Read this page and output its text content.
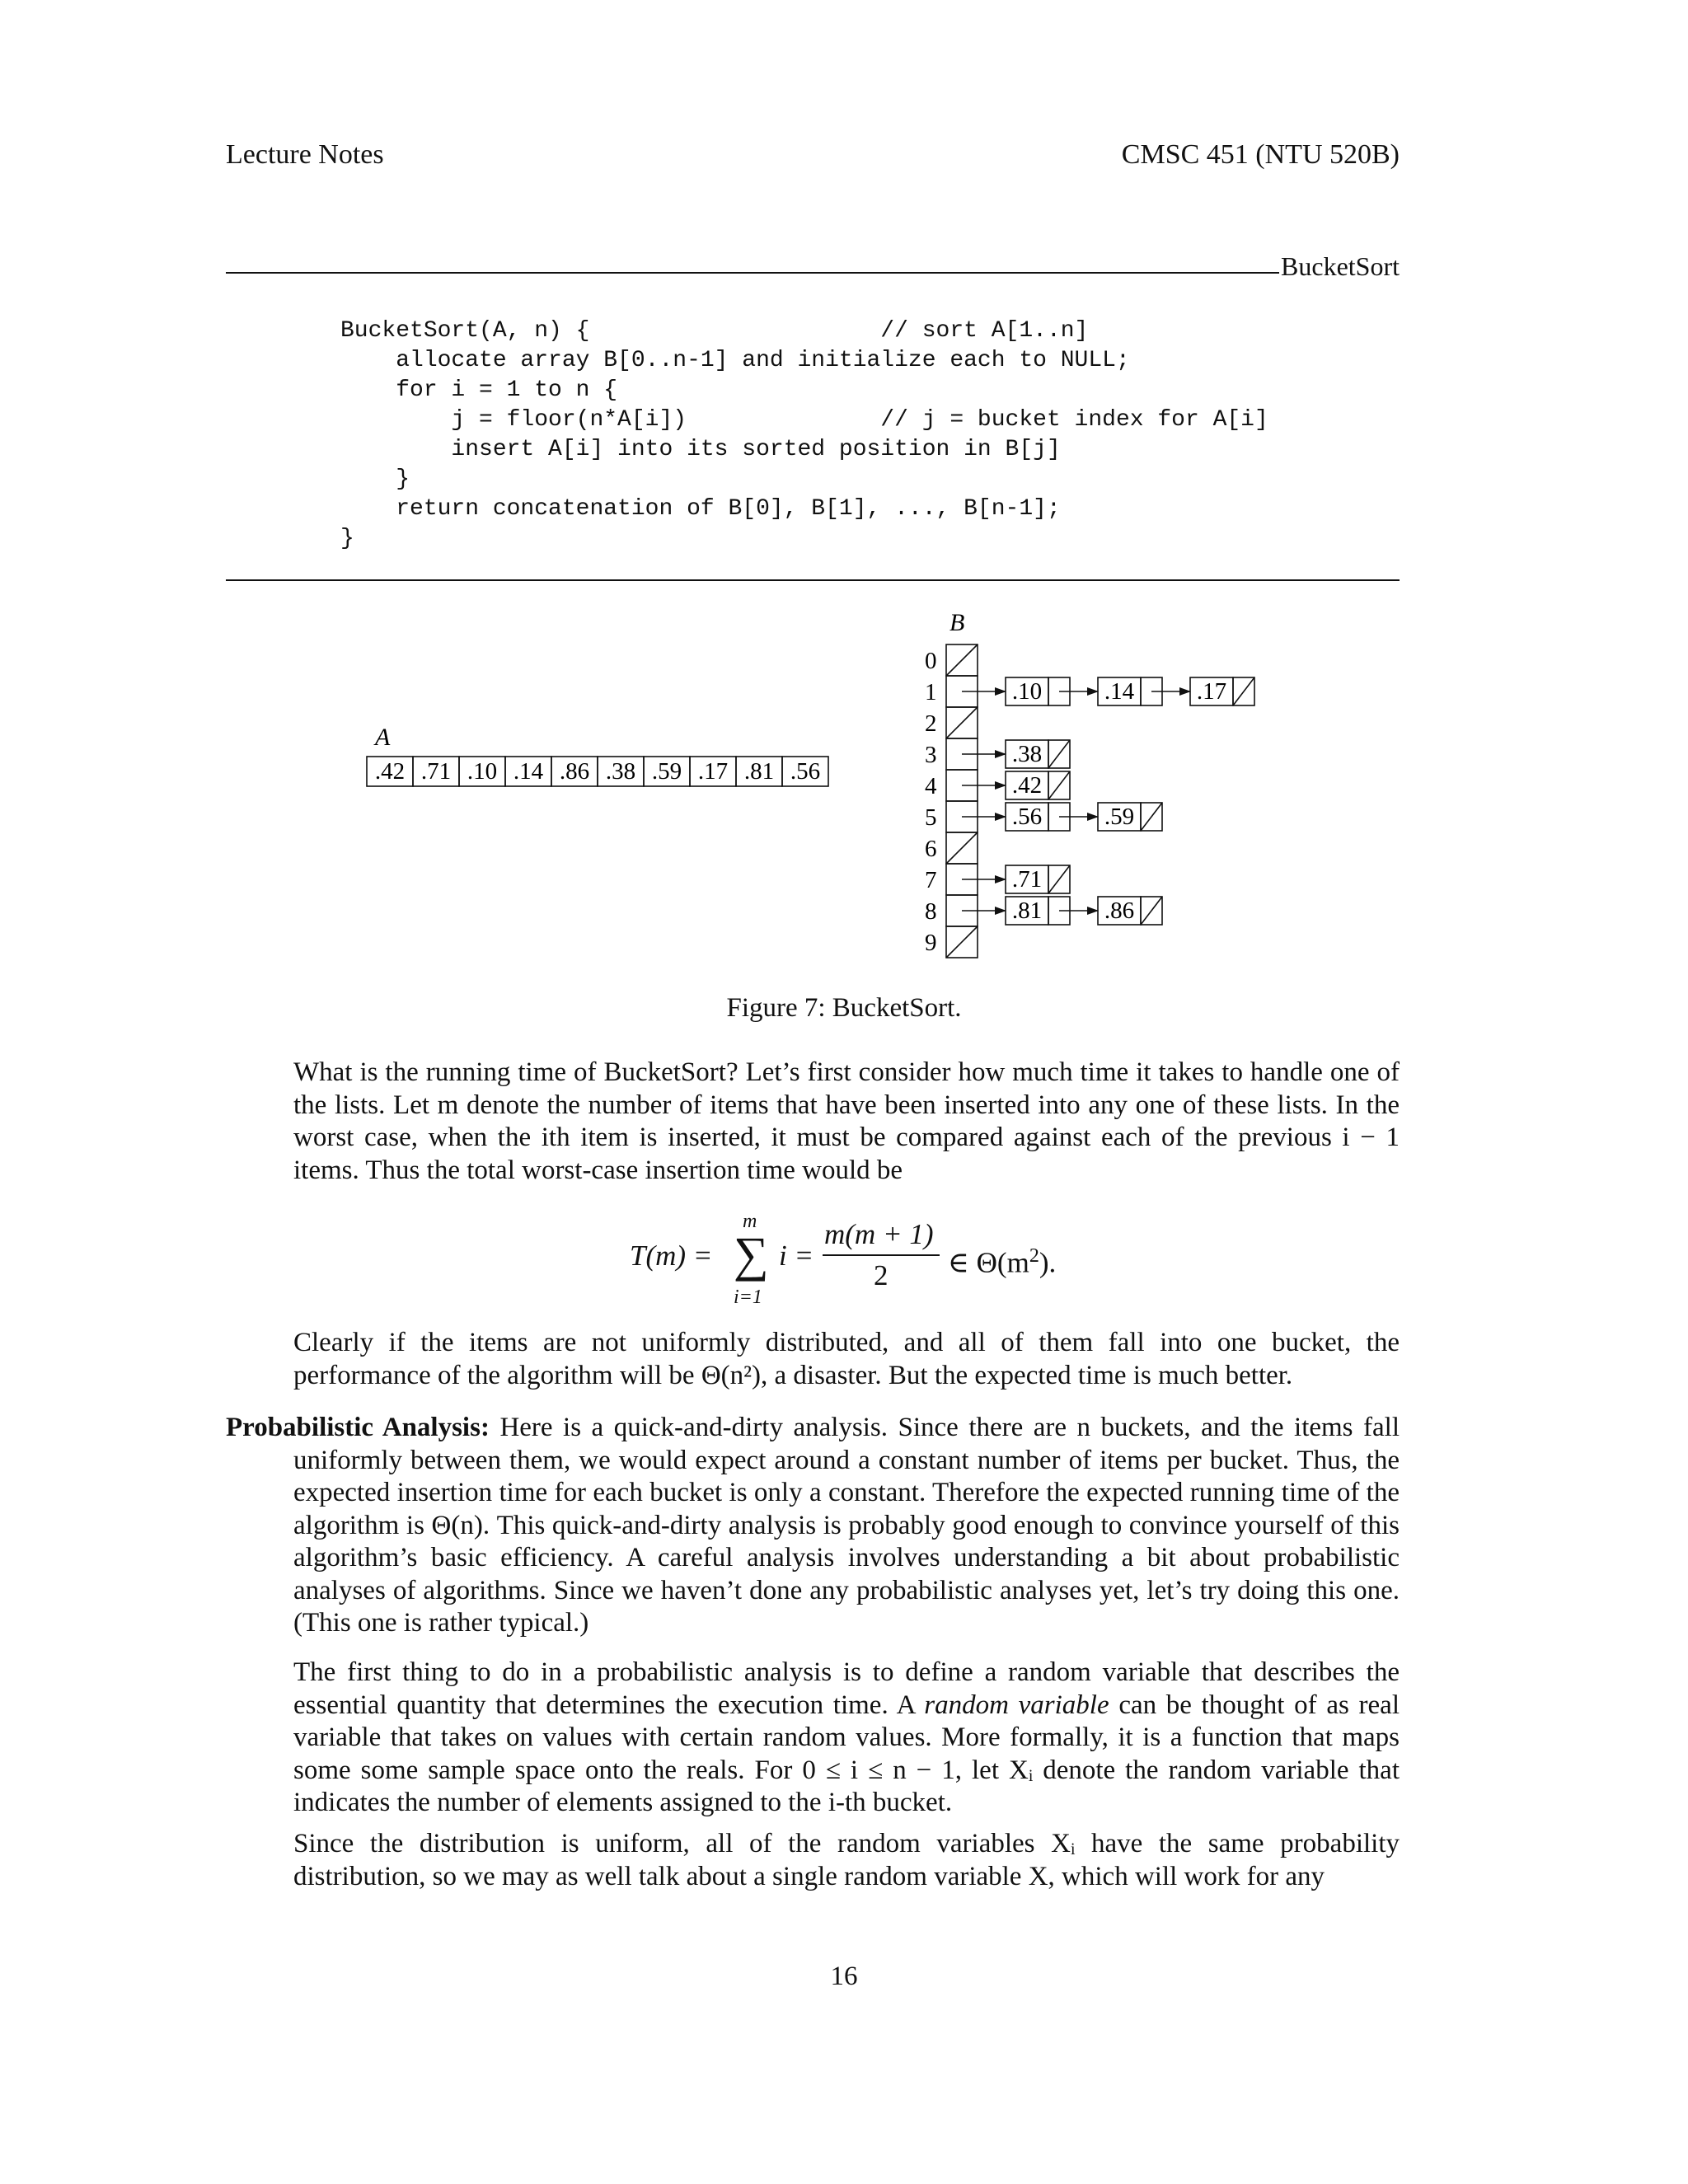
Lecture Notes	CMSC 451 (NTU 520B)
BucketSort
BucketSort(A, n) {                     // sort A[1..n]
allocate array B[0..n-1] and initialize each to NULL;
for i = 1 to n {
j = floor(n*A[i])              // j = bucket index for A[i]
insert A[i] into its sorted position in B[j]
}
return concatenation of B[0], B[1], ..., B[n-1];
}
A
.42 .71 .10 .14 .86 .38 .59 .17 .81 .56
B
0
1	.10	.14	.17
2
3	.38
4	.42
5	.56	.59
6
7	.71
8	.81	.86
9
Figure 7: BucketSort.

What is the running time of BucketSort? Let’s first consider how much time it takes to handle one of the lists. Let m denote the number of items that have been inserted into any one of these lists. In the worst case, when the ith item is inserted, it must be compared against each of the previous i − 1 items. Thus the total worst-case insertion time would be

T(m) =
m
∑
i=1
i =
m(m + 1)
2 ∈ $\Theta(m^2)$.

Clearly if the items are not uniformly distributed, and all of them fall into one bucket, the performance of the algorithm will be Θ(n²), a disaster. But the expected time is much better.

Probabilistic Analysis: Here is a quick-and-dirty analysis. Since there are n buckets, and the items fall uniformly between them, we would expect around a constant number of items per bucket. Thus, the expected insertion time for each bucket is only a constant. Therefore the expected running time of the algorithm is Θ(n). This quick-and-dirty analysis is probably good enough to convince yourself of this algorithm’s basic efficiency. A careful analysis involves understanding a bit about probabilistic analyses of algorithms. Since we haven’t done any probabilistic analyses yet, let’s try doing this one. (This one is rather typical.)

The first thing to do in a probabilistic analysis is to define a random variable that describes the essential quantity that determines the execution time. A random variable can be thought of as real variable that takes on values with certain random values. More formally, it is a function that maps some some sample space onto the reals. For 0 ≤ i ≤ n − 1, let Xᵢ denote the random variable that indicates the number of elements assigned to the i-th bucket.

Since the distribution is uniform, all of the random variables Xᵢ have the same probability distribution, so we may as well talk about a single random variable X, which will work for any

16
